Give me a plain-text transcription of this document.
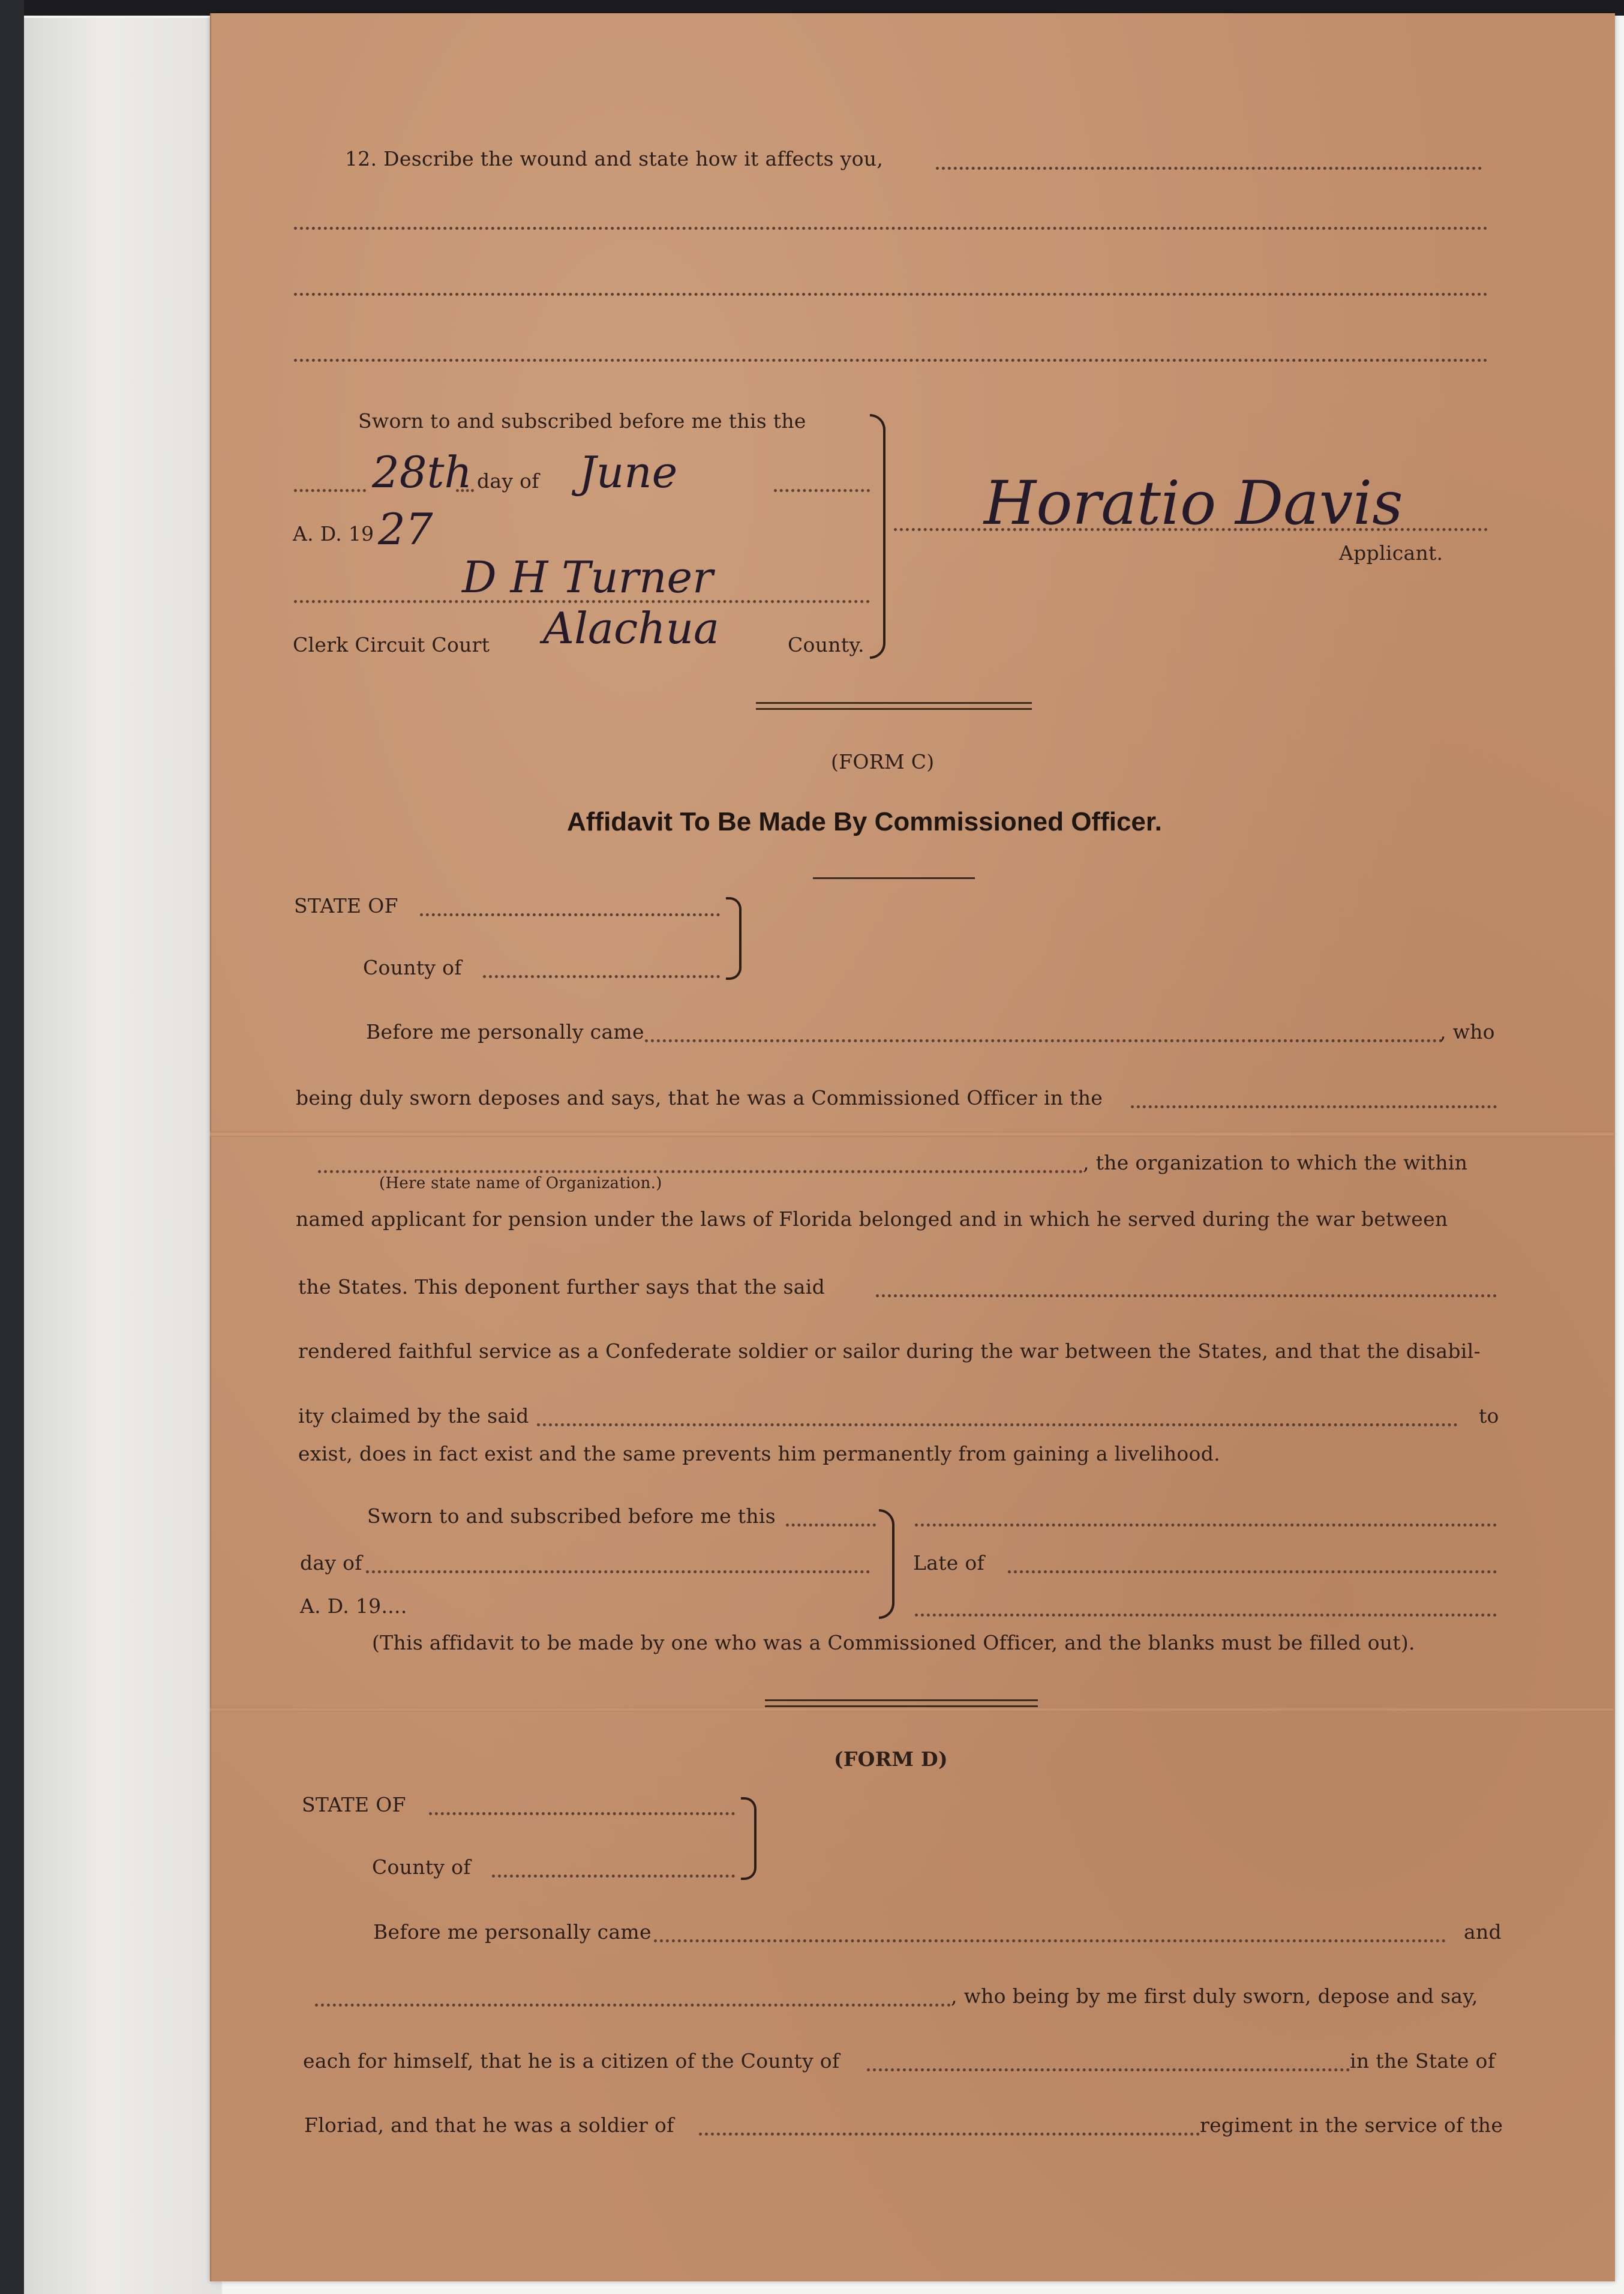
12. Describe the wound and state how it affects you,
Sworn to and subscribed before me this the
28th day of June
A. D. 19 27
D H Turner
Clerk Circuit Court Alachua	County.
Horatio Davis
Applicant.
(FORM C)
Affidavit To Be Made By Commissioned Officer.
STATE OF
County of
Before me personally came	, who
being duly sworn deposes and says, that he was a Commissioned Officer in the
, the organization to which the within
(Here state name of Organization.)
named applicant for pension under the laws of Florida belonged and in which he served during the war between
the States. This deponent further says that the said
rendered faithful service as a Confederate soldier or sailor during the war between the States, and that the disabil-
ity claimed by the said	to
exist, does in fact exist and the same prevents him permanently from gaining a livelihood.
Sworn to and subscribed before me this
day of
A. D. 19....
Late of
(This affidavit to be made by one who was a Commissioned Officer, and the blanks must be filled out).
(FORM D)
STATE OF
County of
Before me personally came	and
, who being by me first duly sworn, depose and say,
each for himself, that he is a citizen of the County of	in the State of
Floriad, and that he was a soldier of	regiment in the service of the
